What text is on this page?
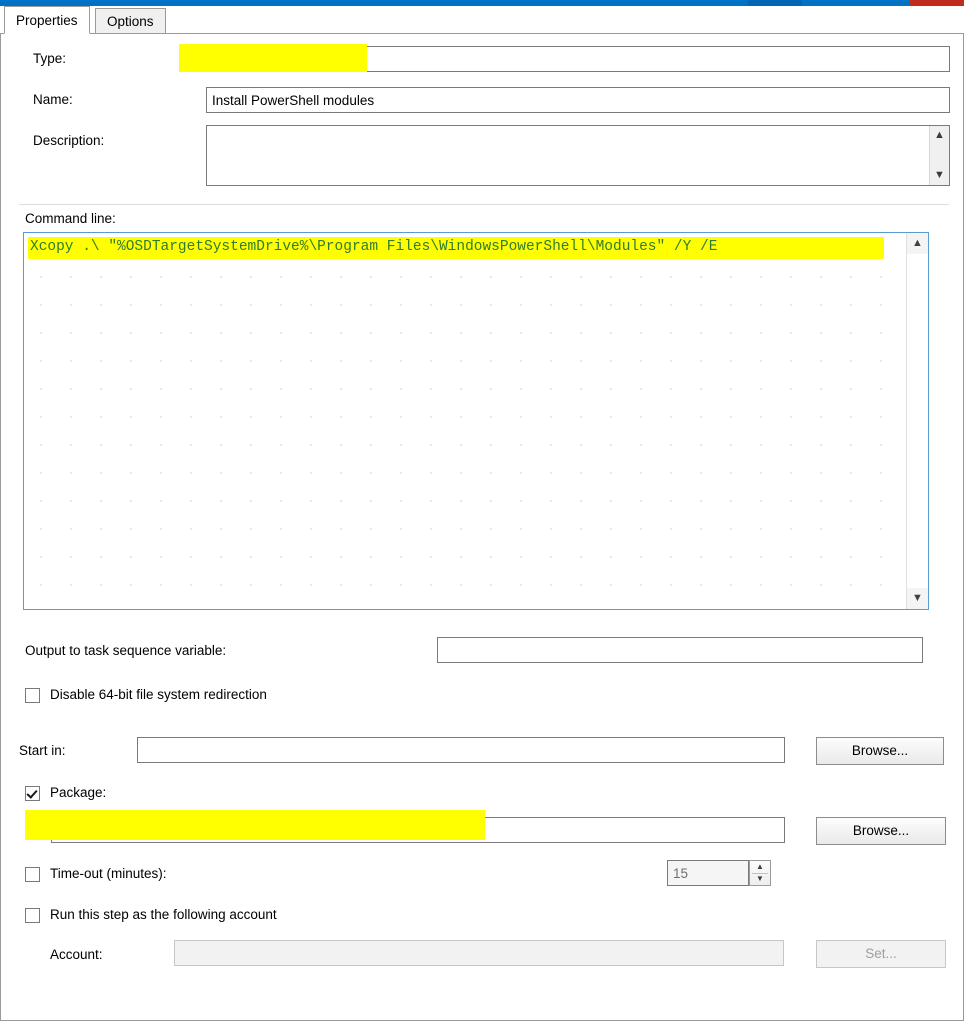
Properties	Options
Type:
Name:
Install PowerShell modules
Description:	▲
▼
Command line:
Xcopy .\ "%OSDTargetSystemDrive%\Program Files\WindowsPowerShell\Modules" /Y /E	▲
▼
Output to task sequence variable:
Disable 64-bit file system redirection
Start in:	Browse...
Package:
POC00185, Microsoft PowerShell Modules 1.0.0.0
Browse...
Time-out (minutes):
15	▲
▼
Run this step as the following account
Account:	Set...
